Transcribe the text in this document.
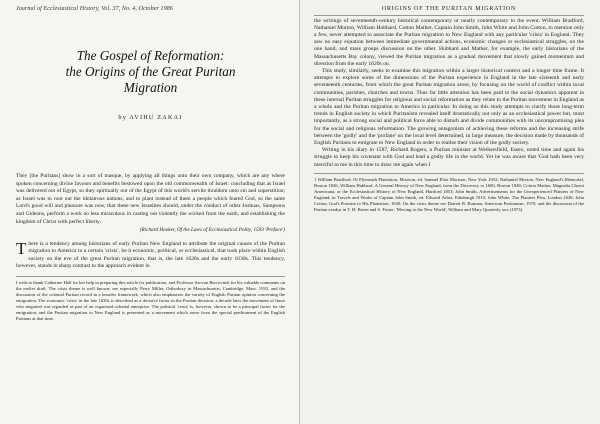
Journal of Ecclesiastical History, Vol. 37, No. 4, October 1986
The Gospel of Reformation:
the Origins of the Great Puritan
Migration
by AVIHU ZAKAI
They [the Puritans] show in a sort of masque, by applying all things unto their own company, which are any where spoken concerning divine favours and benefits bestowed upon the old commonwealth of Israel: concluding that as Israel was delivered out of Egypt, so they spiritually out of the Egypt of this world's servile thraldom unto sin and superstition; as Israel was to root out the idolatrous nations, and to plant instead of them a people which feared God, so the same Lord's good will and pleasure was now, that these new Israelites should, under the conduct of other Joshuas, Sampsons and Gideons, perform a work no less miraculous in casting out violently the wicked from the earth, and establishing the kingdom of Christ with perfect liberty.
(Richard Hooker, Of the Laws of Ecclesiastical Polity, 1593 'Preface')
T here is a tendency among historians of early Puritan New England to attribute the original causes of the Puritan migration to America to a certain 'crisis', be it economic, political, or ecclesiastical, that took place within English society on the eve of the great Puritan migration, that is, the late 1620s and the early 1630s. This tendency, however, stands in sharp contrast to the approach evident in
I wish to thank Catherine Hall for her help in preparing this article for publication, and Professor Sacvan Bercovitch for his valuable comments on the earlier draft. The crisis theme is well known; see especially Perry Miller, Orthodoxy in Massachusetts, Cambridge, Mass. 1933, and the discussion of the colonial Puritan record in a broader framework, which also emphasizes the variety of English Puritan opinion concerning the emigration. The economic 'crisis' in the late 1620s is described as a decisive factor in the Puritan decision; a decade later the movement of those who migrated was regarded as part of an organised colonial enterprise. The political 'crisis' is, however, shown to be a principal factor for the emigration, and the Puritan migration to New England is presented as a movement which arose from the special predicament of the English Puritans at that time.
ORIGINS OF THE PURITAN MIGRATION

the writings of seventeenth-century historical contemporary or nearly contemporary to the event. William Bradford, Nathaniel Morton, William Hubbard, Cotton Mather, Captain John Smith, John White and John Cotton, to mention only a few, never attempted to associate the Puritan migration to New England with any particular 'crisis' in England. They saw no easy equation between immediate governmental actions, economic changes or ecclesiastical struggles, on the one hand, and mass groups discussion on the other. Hubbard and Mather, for example, the early historians of the Massachusetts Bay colony, viewed the Puritan migration as a gradual movement that slowly gained momentum and direction from the early 1620s on.

This study, similarly, seeks to examine this migration within a larger historical context and a longer time frame. It attempts to explore some of the dimensions of the Puritan experience in England in the late sixteenth and early seventeenth centuries, from which the great Puritan migration arose, by focusing on the world of conflict within local communities, parishes, churches and towns. Thus far little attention has been paid to the social dynamics apparent in these internal Puritan struggles for religious and social reformation as they relate to the Puritan movement in England as a whole and the Puritan migration to America in particular. In doing so this study attempts to clarify those long-term trends in English society in which Puritanism revealed itself dramatically not only as an ecclesiastical power but, most importantly, as a strong social and political force able to disturb and divide communities with its uncompromising plea for the social and religious reformation. The growing antagonism of achieving these reforms and the increasing strife between the 'godly' and the 'profane' on the local level determined, in large measure, the decision made by thousands of English Puritans to emigrate to New England in order to realise their vision of the godly society.

Writing in his diary in 1587, Richard Rogers, a Puritan minister at Wethersfield, Essex, noted time and again his struggle to keep his covenant with God and lead a godly life in the world. Yet he was aware that 'God hath been very merciful to me in this time to draw me again when I

1 William Bradford, Of Plymouth Plantation, Morison, ed. Samuel Eliot Morison, New York 1952; Nathaniel Morton, New England's Memorial, Boston 1826; William Hubbard, A General History of New England, from the Discovery to 1680, Boston 1848; Cotton Mather, Magnalia Christi Americana, or the Ecclesiastical History of New England, Hartford 1853; John Smith, Advertisements for the Unexperienced Planters of New England, in Travels and Works of Captain John Smith, ed. Edward Arber, Edinburgh 1910; John White, The Planters Plea, London 1630; John Cotton, God's Promise to His Plantation, 1630. On the crisis theme see Darrett B. Rutman, American Puritanism, 1970, and the discussion of the Puritan exodus in T. H. Breen and S. Foster, 'Moving to the New World', William and Mary Quarterly xxx (1973).
